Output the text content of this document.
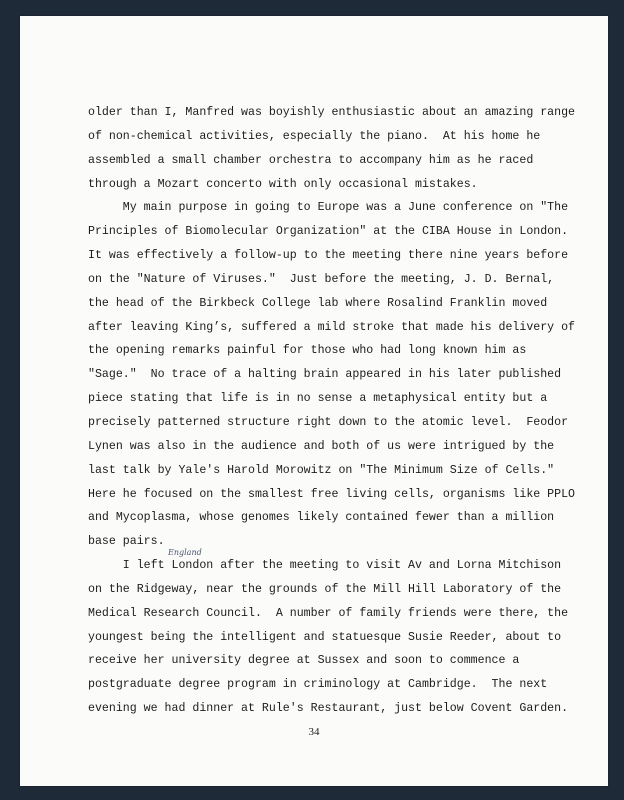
older than I, Manfred was boyishly enthusiastic about an amazing range
of non-chemical activities, especially the piano.  At his home he
assembled a small chamber orchestra to accompany him as he raced
through a Mozart concerto with only occasional mistakes.
My main purpose in going to Europe was a June conference on "The
Principles of Biomolecular Organization" at the CIBA House in London.
It was effectively a follow-up to the meeting there nine years before
on the "Nature of Viruses."  Just before the meeting, J. D. Bernal,
the head of the Birkbeck College lab where Rosalind Franklin moved
after leaving King’s, suffered a mild stroke that made his delivery of
the opening remarks painful for those who had long known him as
"Sage."  No trace of a halting brain appeared in his later published
piece stating that life is in no sense a metaphysical entity but a
precisely patterned structure right down to the atomic level.  Feodor
Lynen was also in the audience and both of us were intrigued by the
last talk by Yale's Harold Morowitz on "The Minimum Size of Cells."
Here he focused on the smallest free living cells, organisms like PPLO
and Mycoplasma, whose genomes likely contained fewer than a million
base pairs.
I left London after the meeting to visit Av and Lorna Mitchison
on the Ridgeway, near the grounds of the Mill Hill Laboratory of the
Medical Research Council.  A number of family friends were there, the
youngest being the intelligent and statuesque Susie Reeder, about to
receive her university degree at Sussex and soon to commence a
postgraduate degree program in criminology at Cambridge.  The next
evening we had dinner at Rule's Restaurant, just below Covent Garden.
England
34
